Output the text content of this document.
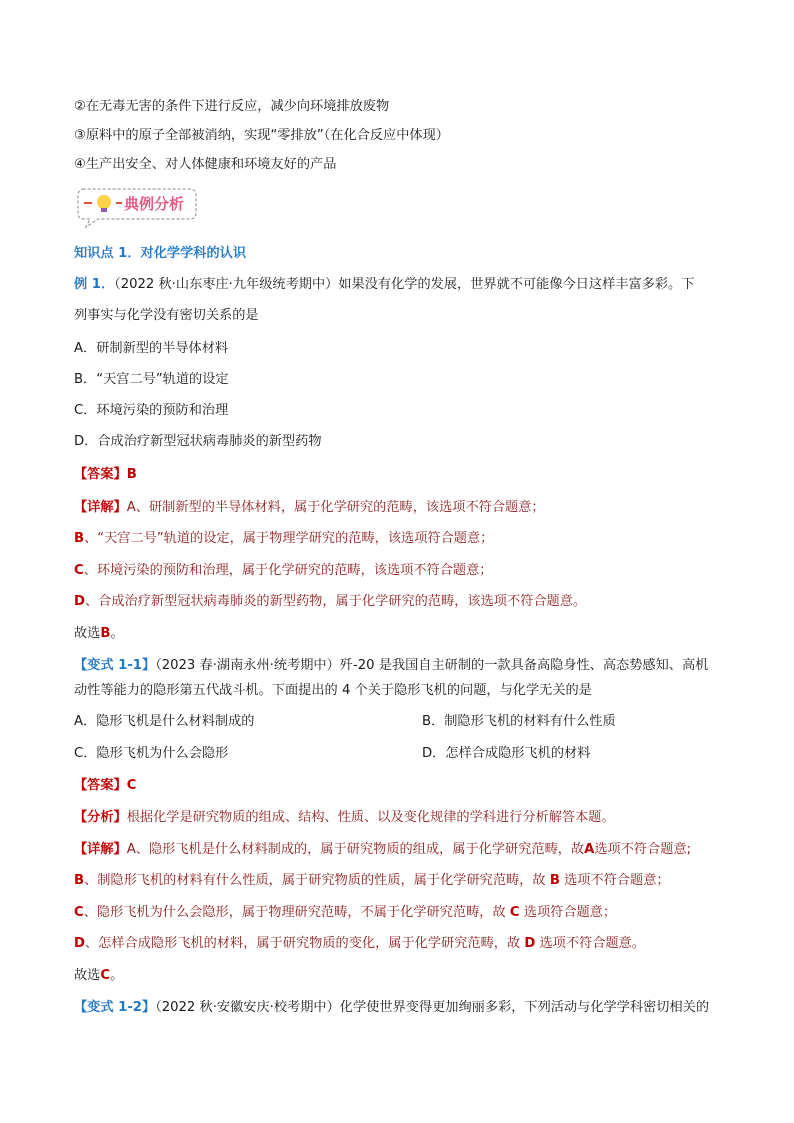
②在无毒无害的条件下进行反应，减少向环境排放废物
③原料中的原子全部被消纳，实现“零排放”（在化合反应中体现）
④生产出安全、对人体健康和环境友好的产品
典例分析
知识点 1．对化学学科的认识
例 1．（2022 秋·山东枣庄·九年级统考期中）如果没有化学的发展，世界就不可能像今日这样丰富多彩。下
列事实与化学没有密切关系的是
A．研制新型的半导体材料
B．“天宫二号”轨道的设定
C．环境污染的预防和治理
D．合成治疗新型冠状病毒肺炎的新型药物
【答案】B
【详解】A、研制新型的半导体材料，属于化学研究的范畴，该选项不符合题意；
B、“天宫二号”轨道的设定，属于物理学研究的范畴，该选项符合题意；
C、环境污染的预防和治理，属于化学研究的范畴，该选项不符合题意；
D、合成治疗新型冠状病毒肺炎的新型药物，属于化学研究的范畴，该选项不符合题意。
故选B。
【变式 1-1】（2023 春·湖南永州·统考期中）歼-20 是我国自主研制的一款具备高隐身性、高态势感知、高机
动性等能力的隐形第五代战斗机。下面提出的 4 个关于隐形飞机的问题，与化学无关的是
A．隐形飞机是什么材料制成的	B．制隐形飞机的材料有什么性质
C．隐形飞机为什么会隐形	D．怎样合成隐形飞机的材料
【答案】C
【分析】根据化学是研究物质的组成、结构、性质、以及变化规律的学科进行分析解答本题。
【详解】A、隐形飞机是什么材料制成的，属于研究物质的组成，属于化学研究范畴，故A选项不符合题意;
B、制隐形飞机的材料有什么性质，属于研究物质的性质，属于化学研究范畴，故 B 选项不符合题意；
C、隐形飞机为什么会隐形，属于物理研究范畴，不属于化学研究范畴，故 C 选项符合题意；
D、怎样合成隐形飞机的材料，属于研究物质的变化，属于化学研究范畴，故 D 选项不符合题意。
故选C。
【变式 1-2】（2022 秋·安徽安庆·校考期中）化学使世界变得更加绚丽多彩，下列活动与化学学科密切相关的
